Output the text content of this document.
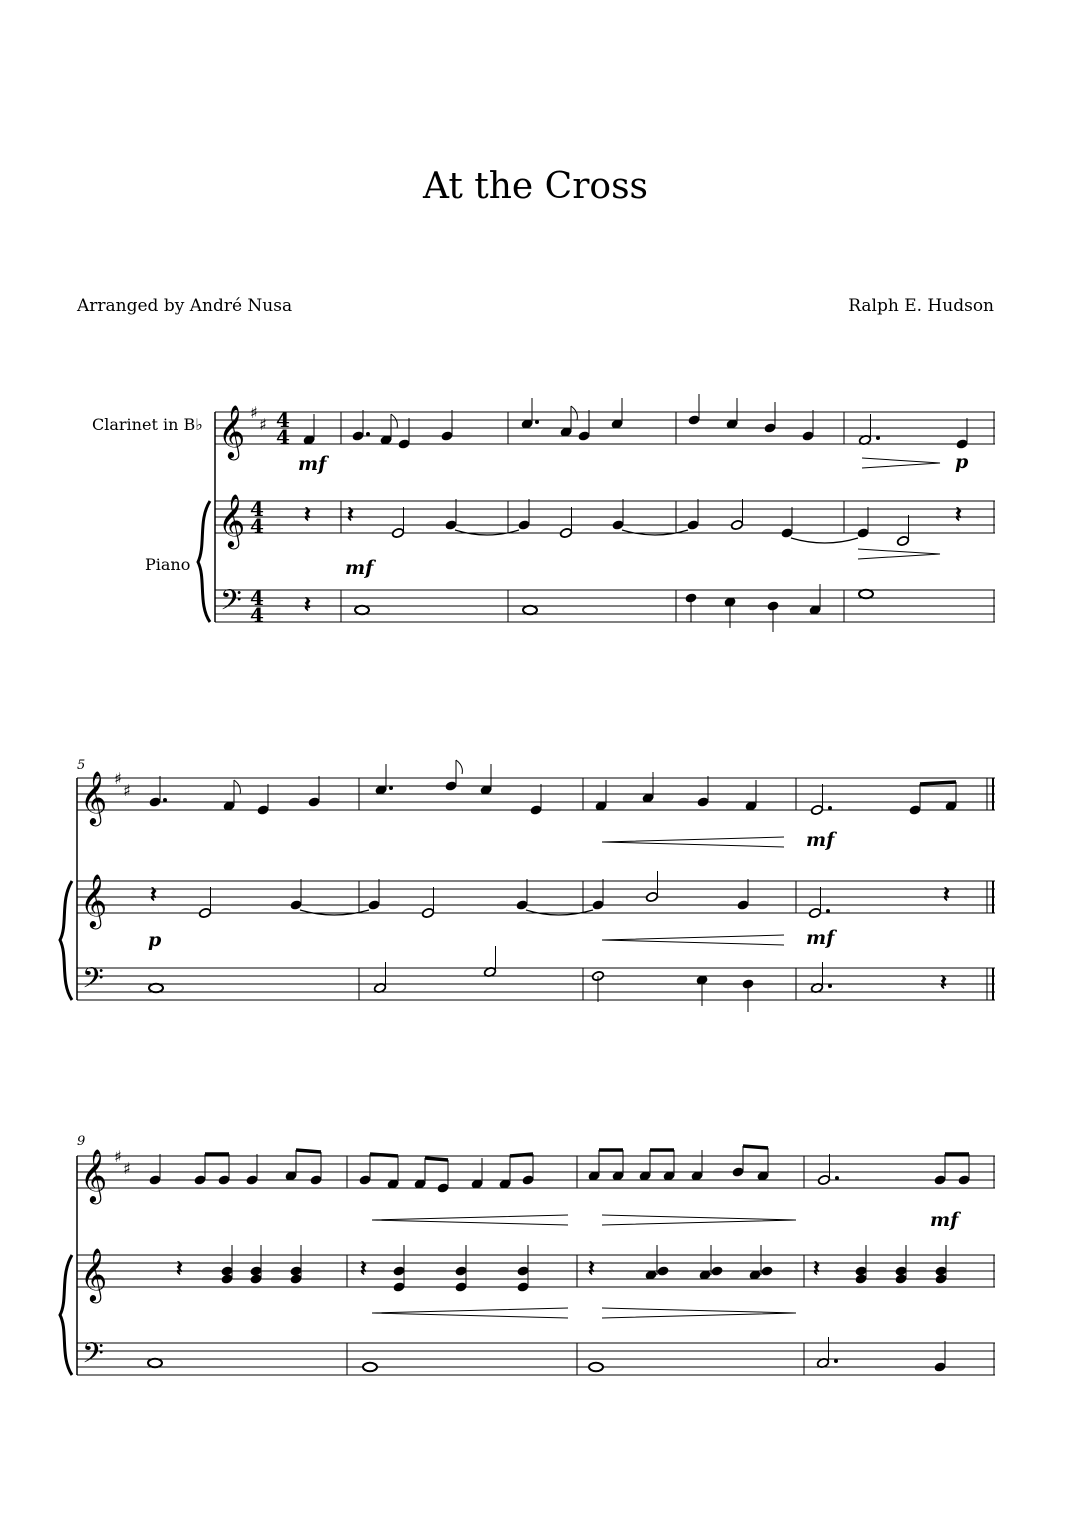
At the Cross
Arranged by André Nusa	Ralph E. Hudson
Clarinet in B♭
Piano
𝄞
𝄞
𝄢
♯
♯ 4
4
4
4
4
4
mf	p
𝄽 𝄽	𝄽
mf
𝄽
5
𝄞
𝄞
𝄢
♯
♯
mf
𝄽	𝄽
p	mf
𝄽
9
𝄞
𝄞
𝄢
♯
♯
mf
𝄽	𝄽	𝄽	𝄽
